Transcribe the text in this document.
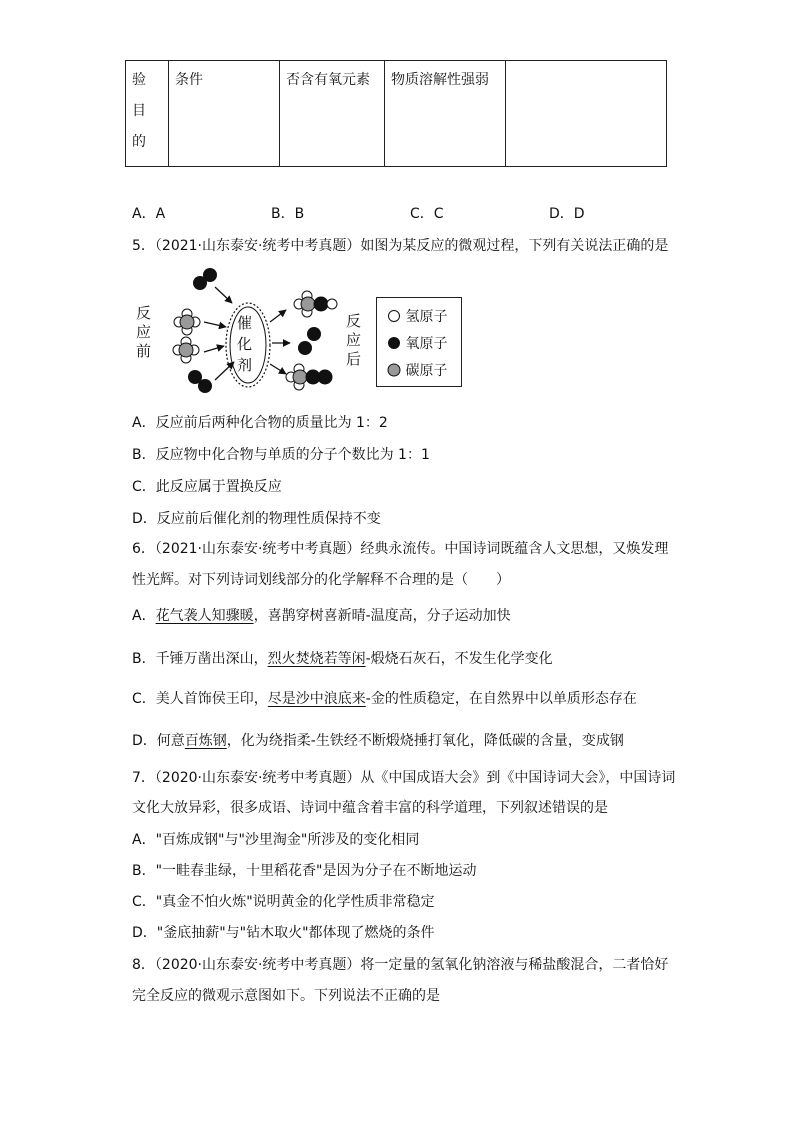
验
目
的
	条件	否含有氧元素	物质溶解性强弱	
A．A	B．B	C．C	D．D
5．（2021·山东泰安·统考中考真题）如图为某反应的微观过程，下列有关说法正确的是
反
应
前
反
应
后
催
化
剂
氢原子
氧原子
碳原子
A．反应前后两种化合物的质量比为 1：2
B．反应物中化合物与单质的分子个数比为 1：1
C．此反应属于置换反应
D．反应前后催化剂的物理性质保持不变
6．（2021·山东泰安·统考中考真题）经典永流传。中国诗词既蕴含人文思想，又焕发理
性光辉。对下列诗词划线部分的化学解释不合理的是（　　）
A．花气袭人知骤暖，喜鹊穿树喜新晴-温度高，分子运动加快
B．千锤万凿出深山，烈火焚烧若等闲-煅烧石灰石，不发生化学变化
C．美人首饰侯王印，尽是沙中浪底来-金的性质稳定，在自然界中以单质形态存在
D．何意百炼钢，化为绕指柔-生铁经不断煅烧捶打氧化，降低碳的含量，变成钢
7．（2020·山东泰安·统考中考真题）从《中国成语大会》到《中国诗词大会》，中国诗词
文化大放异彩，很多成语、诗词中蕴含着丰富的科学道理，下列叙述错误的是
A．"百炼成钢"与"沙里淘金"所涉及的变化相同
B．"一畦春韭绿，十里稻花香"是因为分子在不断地运动
C．"真金不怕火炼"说明黄金的化学性质非常稳定
D．"釜底抽薪"与"钻木取火"都体现了燃烧的条件
8．（2020·山东泰安·统考中考真题）将一定量的氢氧化钠溶液与稀盐酸混合，二者恰好
完全反应的微观示意图如下。下列说法不正确的是
